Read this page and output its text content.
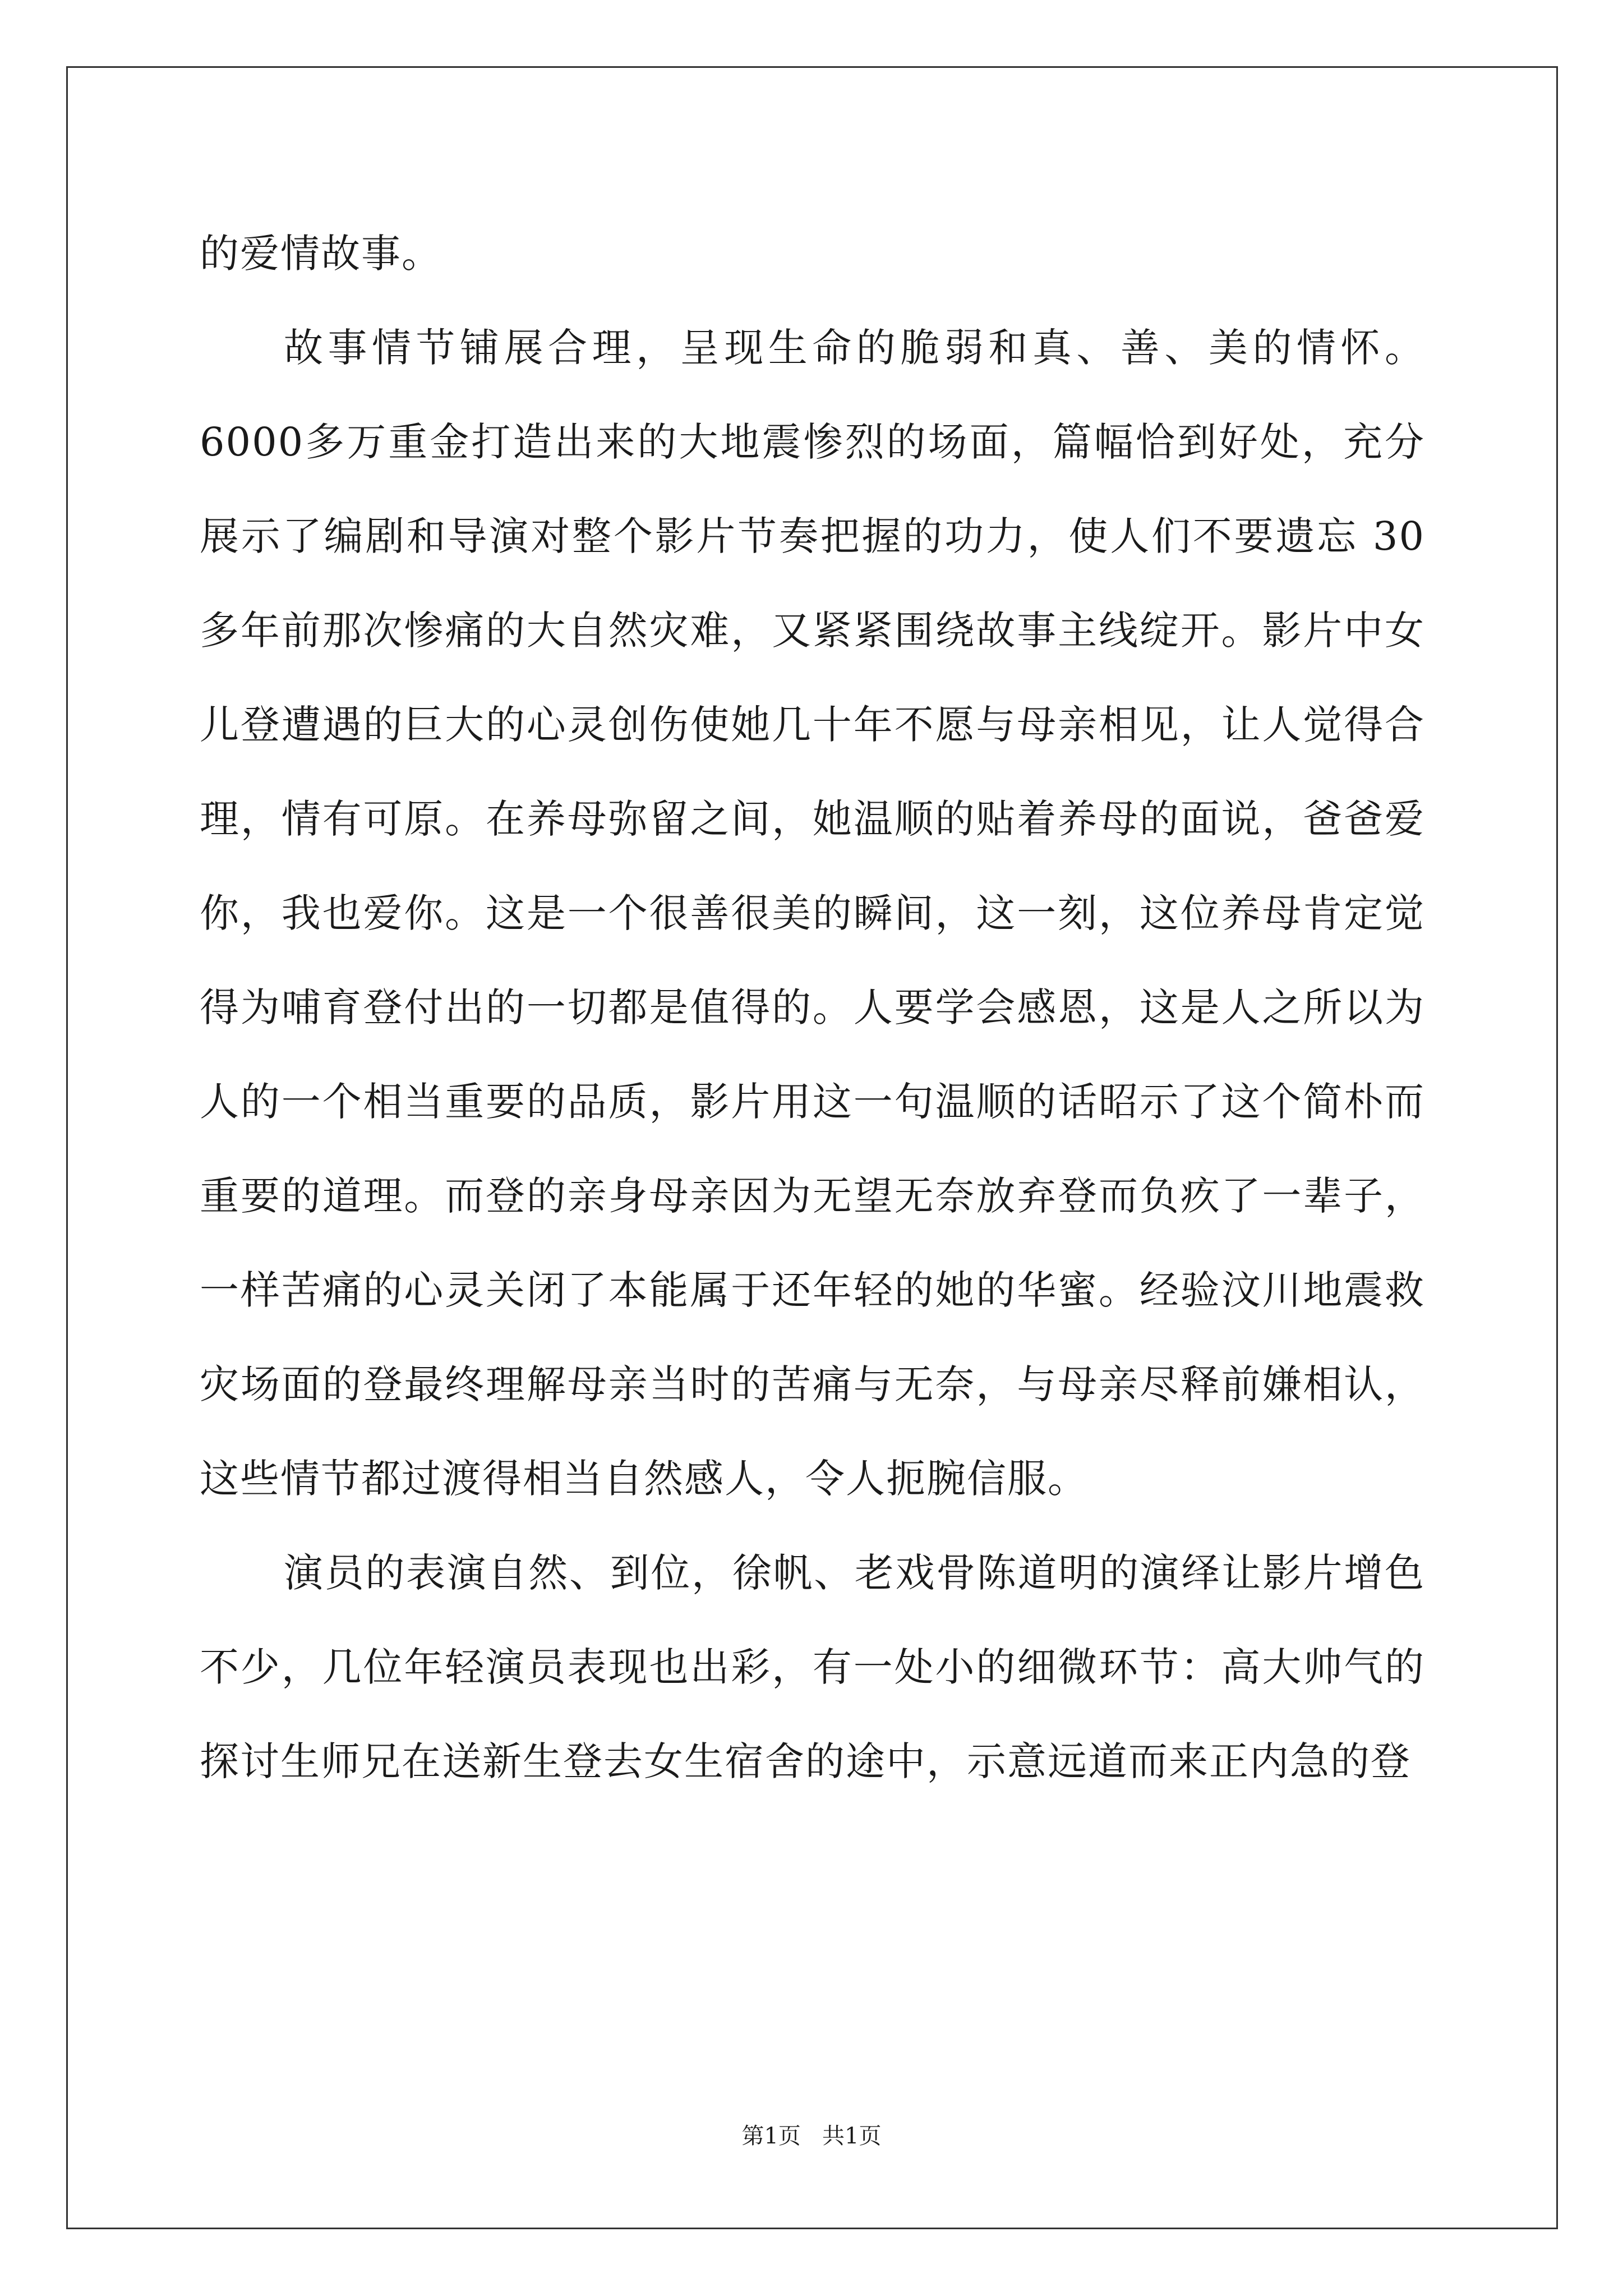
的爱情故事。

故事情节铺展合理，呈现生命的脆弱和真、善、美的情怀。 6000多万重金打造出来的大地震惨烈的场面，篇幅恰到好处，充分展示了编剧和导演对整个影片节奏把握的功力，使人们不要遗忘 30 多年前那次惨痛的大自然灾难，又紧紧围绕故事主线绽开。影片中女儿登遭遇的巨大的心灵创伤使她几十年不愿与母亲相见，让人觉得合理，情有可原。在养母弥留之间，她温顺的贴着养母的面说，爸爸爱你，我也爱你。这是一个很善很美的瞬间，这一刻，这位养母肯定觉得为哺育登付出的一切都是值得的。人要学会感恩，这是人之所以为人的一个相当重要的品质，影片用这一句温顺的话昭示了这个简朴而重要的道理。而登的亲身母亲因为无望无奈放弃登而负疚了一辈子，一样苦痛的心灵关闭了本能属于还年轻的她的华蜜。经验汶川地震救灾场面的登最终理解母亲当时的苦痛与无奈，与母亲尽释前嫌相认，这些情节都过渡得相当自然感人，令人扼腕信服。

演员的表演自然、到位，徐帆、老戏骨陈道明的演绎让影片增色不少，几位年轻演员表现也出彩，有一处小的细微环节：高大帅气的探讨生师兄在送新生登去女生宿舍的途中，示意远道而来正内急的登

第1页   共1页
